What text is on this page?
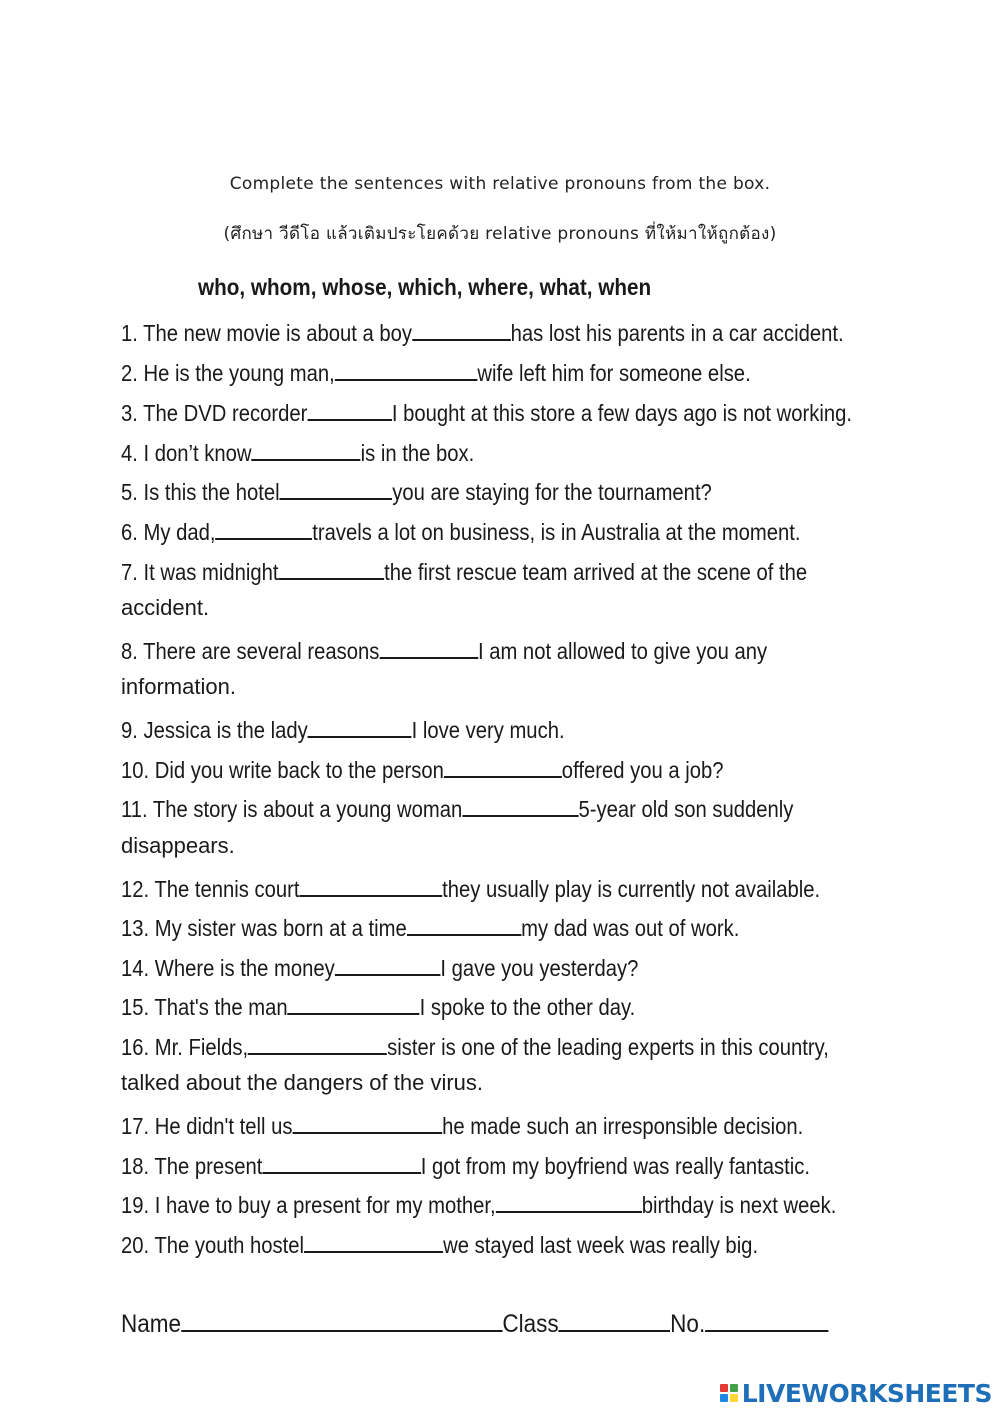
Complete the sentences with relative pronouns from the box.
(ศึกษา วีดีโอ แล้วเติมประโยคด้วย relative pronouns ที่ให้มาให้ถูกต้อง)
who, whom, whose, which, where, what, when
1. The new movie is about a boy	has lost his parents in a car accident.
2. He is the young man,	wife left him for someone else.
3. The DVD recorder	I bought at this store a few days ago is not working.
4. I don’t know	is in the box.
5. Is this the hotel	you are staying for the tournament?
6. My dad,	travels a lot on business, is in Australia at the moment.
7. It was midnight	the first rescue team arrived at the scene of the
accident.
8. There are several reasons	I am not allowed to give you any
information.
9. Jessica is the lady	I love very much.
10. Did you write back to the person	offered you a job?
11. The story is about a young woman	5-year old son suddenly
disappears.
12. The tennis court	they usually play is currently not available.
13. My sister was born at a time	my dad was out of work.
14. Where is the money	I gave you yesterday?
15. That's the man	I spoke to the other day.
16. Mr. Fields,	sister is one of the leading experts in this country,
talked about the dangers of the virus.
17. He didn't tell us	he made such an irresponsible decision.
18. The present	I got from my boyfriend was really fantastic.
19. I have to buy a present for my mother,	birthday is next week.
20. The youth hostel	we stayed last week was really big.
Name	Class	No.
LIVEWORKSHEETS
